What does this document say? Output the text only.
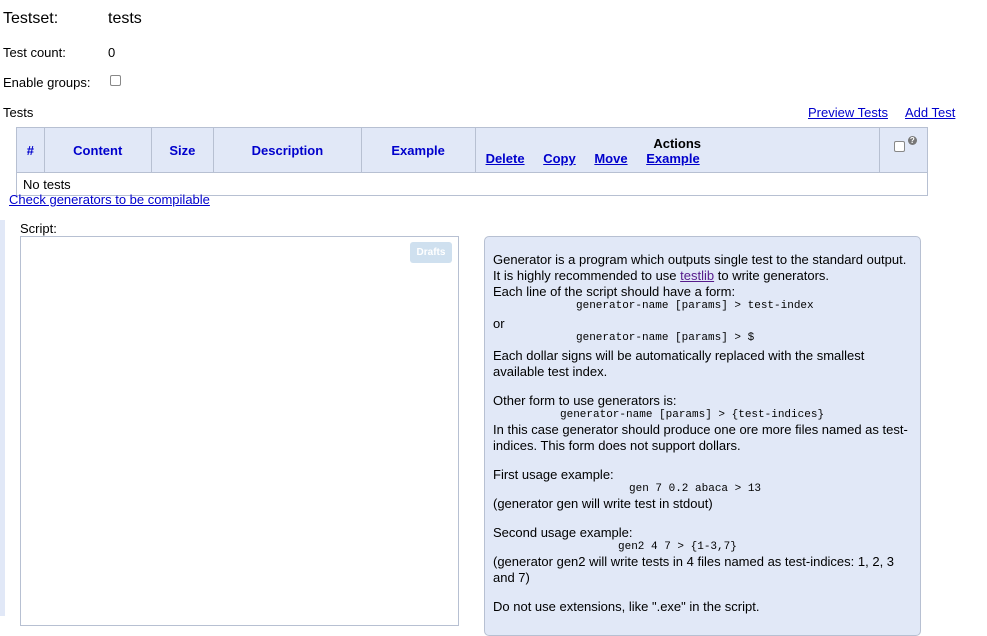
Testset:	tests
Test count:	0
Enable groups:
Tests	Preview Tests Add Test
#	Content	Size	Description	Example	Actions
Delete Copy Move Example

?

No tests
Check generators to be compilable
Script:
Drafts	Generator is a program which outputs single test to the standard output. It is highly recommended to use testlib to write generators.

Each line of the script should have a form:

generator-name [params] > test-index

or

generator-name [params] > $

Each dollar signs will be automatically replaced with the smallest available test index.

Other form to use generators is:

generator-name [params] > {test-indices}

In this case generator should produce one ore more files named as test-indices. This form does not support dollars.

First usage example:

gen 7 0.2 abaca > 13

(generator gen will write test in stdout)

Second usage example:

gen2 4 7 > {1-3,7}

(generator gen2 will write tests in 4 files named as test-indices: 1, 2, 3 and 7)

Do not use extensions, like ".exe" in the script.
